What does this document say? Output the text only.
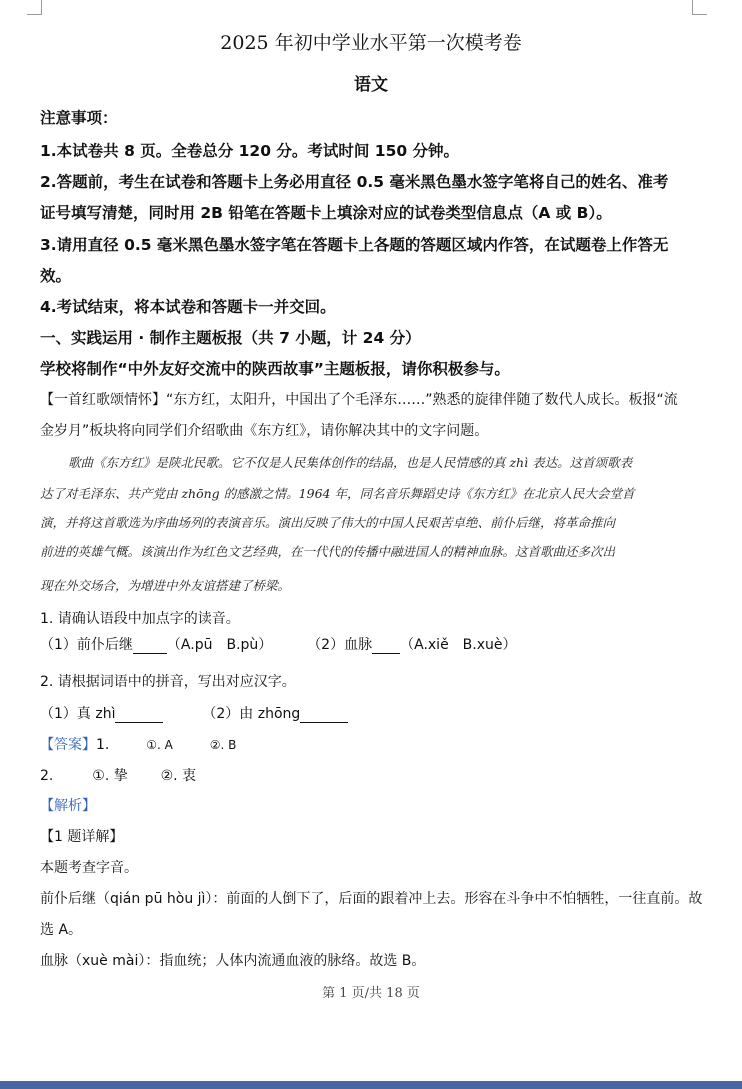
2025 年初中学业水平第一次模考卷
语文
注意事项：
1.本试卷共 8 页。全卷总分 120 分。考试时间 150 分钟。
2.答题前，考生在试卷和答题卡上务必用直径 0.5 毫米黑色墨水签字笔将自己的姓名、准考
证号填写清楚，同时用 2B 铅笔在答题卡上填涂对应的试卷类型信息点（A 或 B）。
3.请用直径 0.5 毫米黑色墨水签字笔在答题卡上各题的答题区域内作答，在试题卷上作答无
效。
4.考试结束，将本试卷和答题卡一并交回。
一、实践运用 · 制作主题板报（共 7 小题，计 24 分）
学校将制作“中外友好交流中的陕西故事”主题板报，请你积极参与。
【一首红歌颂情怀】“东方红，太阳升，中国出了个毛泽东……”熟悉的旋律伴随了数代人成长。板报“流
金岁月”板块将向同学们介绍歌曲《东方红》，请你解决其中的文字问题。
歌曲《东方红》是陕北民歌。它不仅是人民集体创作的结晶，也是人民情感的真 zhì 表达。这首颂歌表
达了对毛泽东、共产党由 zhōng 的感激之情。1964 年，同名音乐舞蹈史诗《东方红》在北京人民大会堂首
演，并将这首歌选为序曲场列的表演音乐。演出反映了伟大的中国人民艰苦卓绝、前仆后继，将革命推向
前进的英雄气概。该演出作为红色文艺经典，在一代代的传播中融进国人的精神血脉。这首歌曲还多次出
现在外交场合，为增进中外友谊搭建了桥梁。
1. 请确认语段中加点字的读音。
（1）前仆后继 （A.pū　B.pù） （2）血脉 （A.xiě　B.xuè）
2. 请根据词语中的拼音，写出对应汉字。
（1）真 zhì	（2）由 zhōng
【答案】1.	①. A	②. B
2.	①. 挚 ②. 衷
【解析】
【1 题详解】
本题考查字音。
前仆后继（qián pū hòu jì）：前面的人倒下了，后面的跟着冲上去。形容在斗争中不怕牺牲，一往直前。故
选 A。
血脉（xuè mài）：指血统；人体内流通血液的脉络。故选 B。
第 1 页/共 18 页
